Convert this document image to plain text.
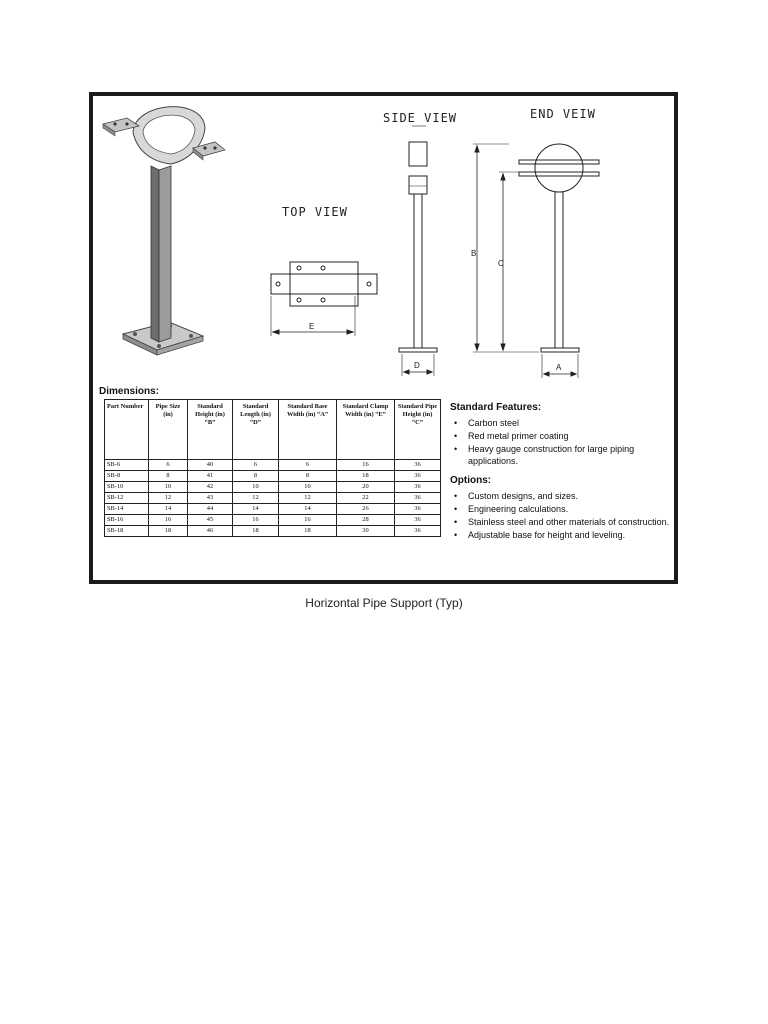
TOP VIEW
E
SIDE VIEW
D
END VEIW
B
C
A
Dimensions:
Part Number	Pipe Size (in)	Standard Height (in) “B”	Standard Length (in) “D”	Standard Base Width (in) “A”	Standard Clamp Width (in) “E”	Standard Pipe Height (in) “C”
SB-6	6	40	6	6	16	36
SB-8	8	41	8	8	18	36
SB-10	10	42	10	10	20	36
SB-12	12	43	12	12	22	36
SB-14	14	44	14	14	26	36
SB-16	16	45	16	16	28	36
SB-18	18	46	18	18	30	36
Standard Features:
• Carbon steel
• Red metal primer coating
• Heavy gauge construction for large piping applications.
Options:
• Custom designs, and sizes.
• Engineering calculations.
• Stainless steel and other materials of construction.
• Adjustable base for height and leveling.
Horizontal Pipe Support (Typ)
